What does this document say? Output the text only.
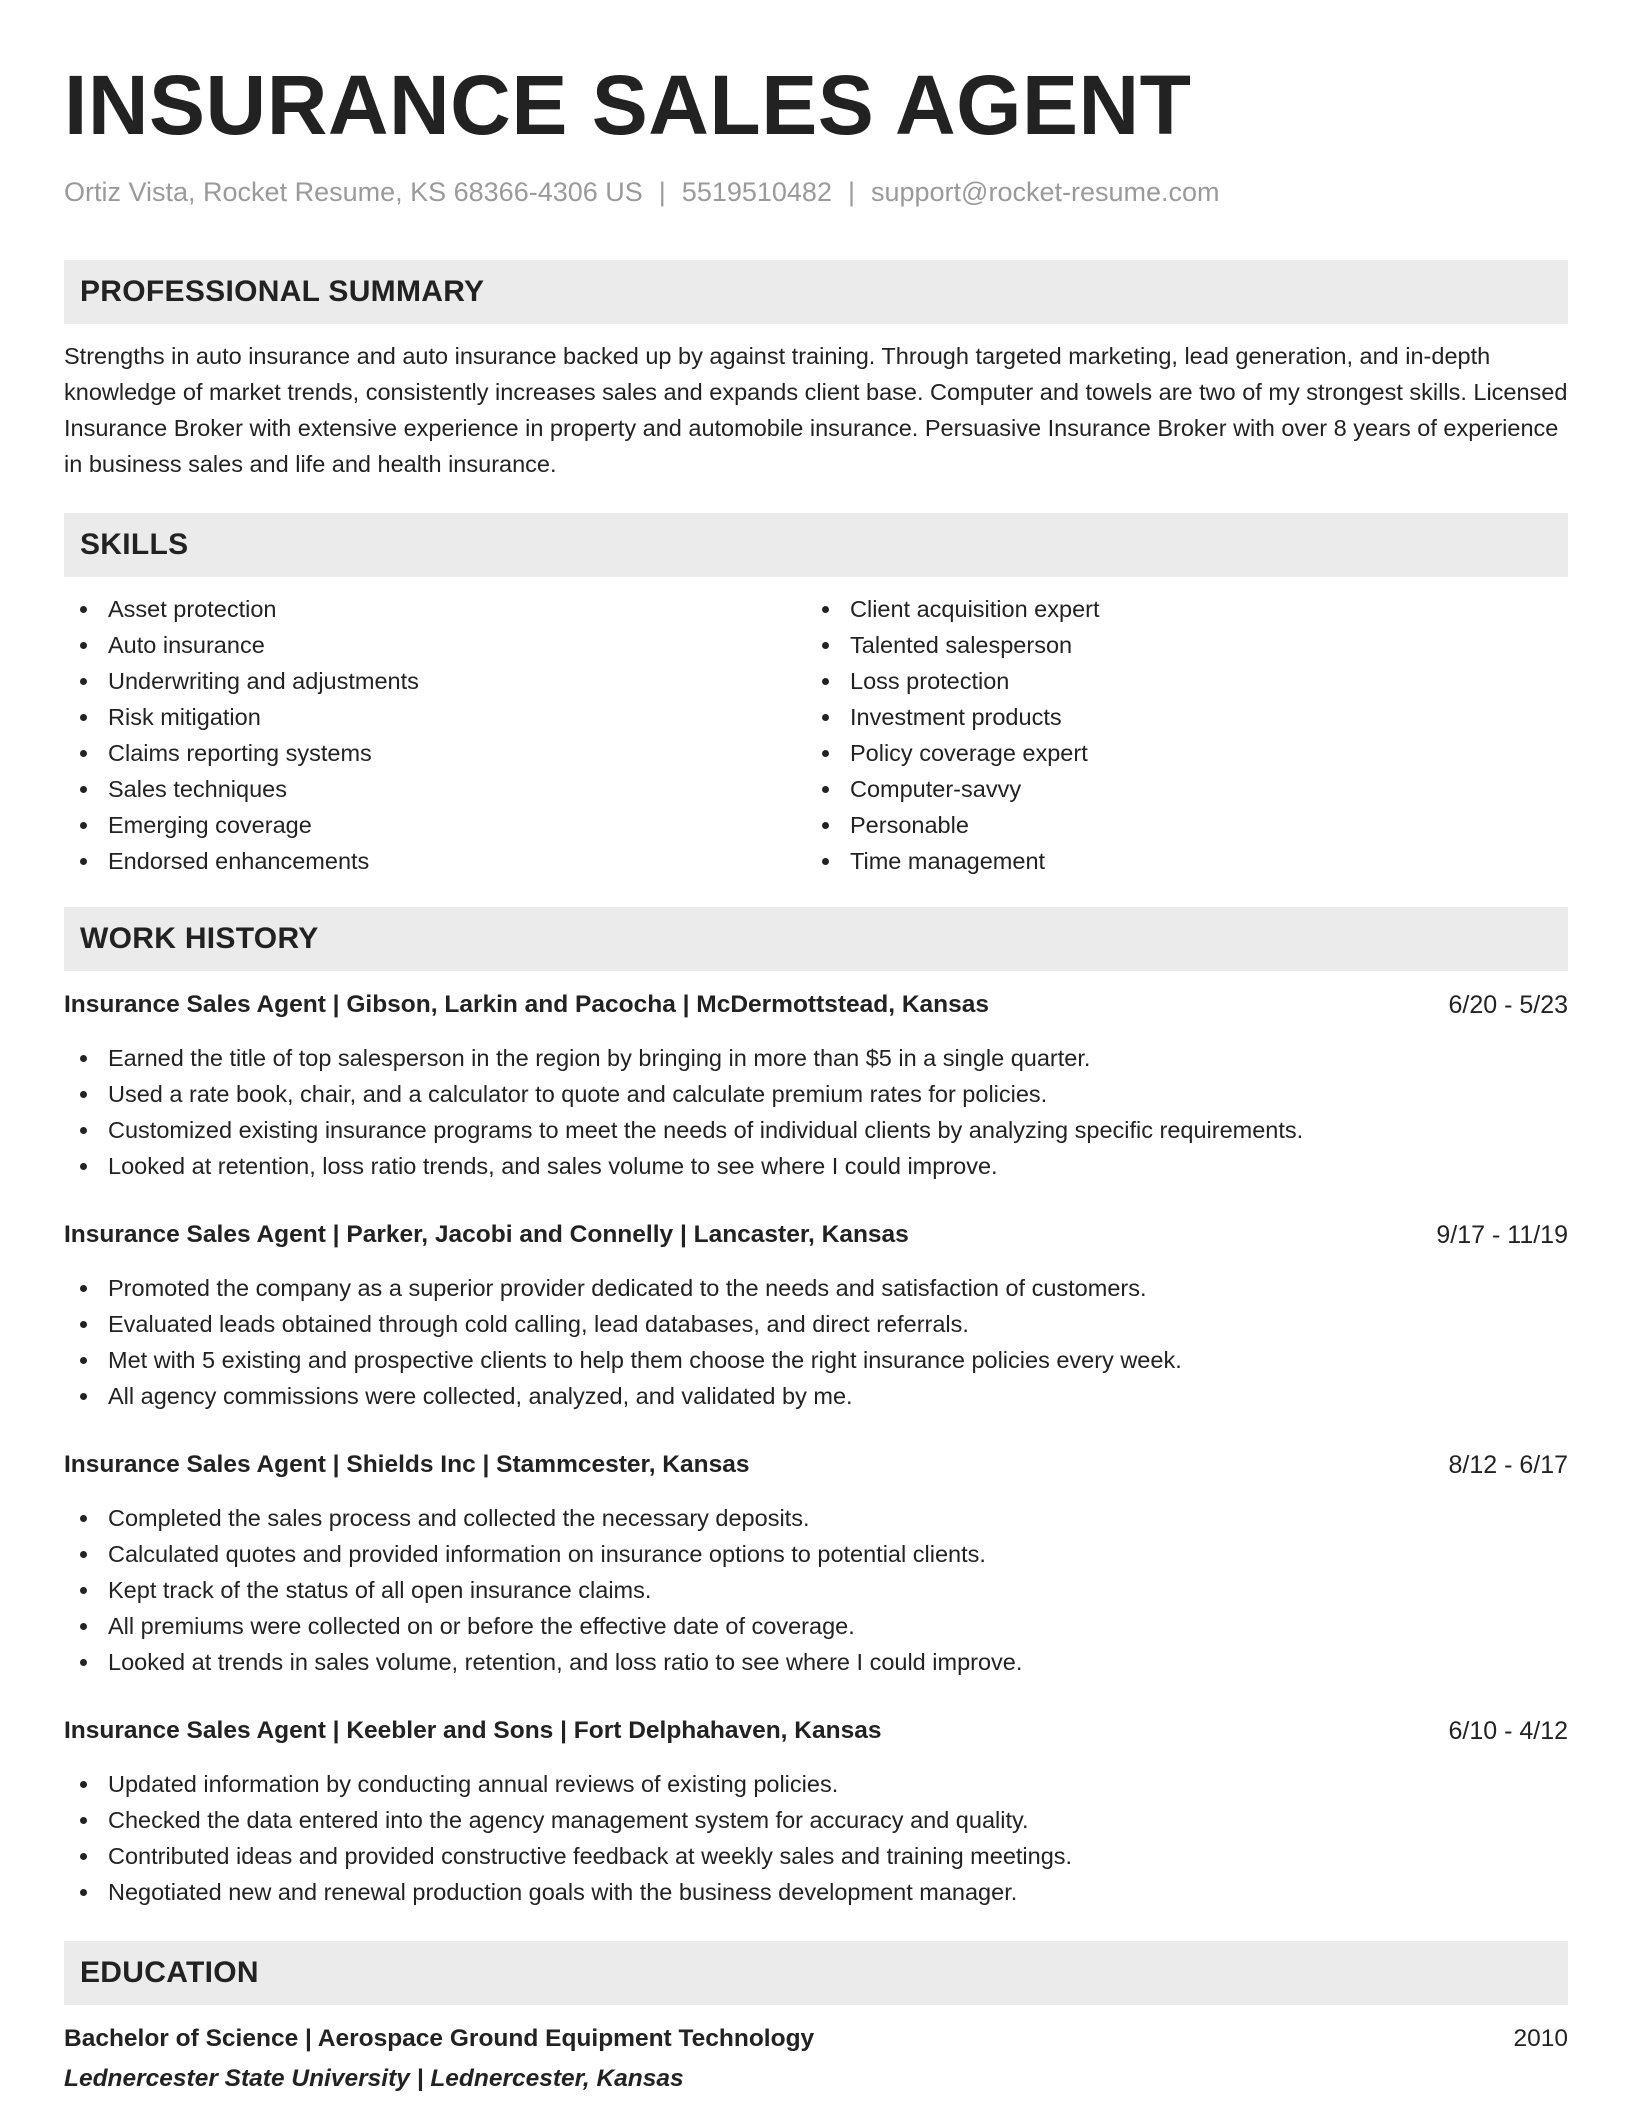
INSURANCE SALES AGENT
Ortiz Vista, Rocket Resume, KS 68366-4306 US | 5519510482 | support@rocket-resume.com
PROFESSIONAL SUMMARY

Strengths in auto insurance and auto insurance backed up by against training. Through targeted marketing, lead generation, and in-depth knowledge of market trends, consistently increases sales and expands client base. Computer and towels are two of my strongest skills. Licensed Insurance Broker with extensive experience in property and automobile insurance. Persuasive Insurance Broker with over 8 years of experience in business sales and life and health insurance.

SKILLS
Asset protection
Auto insurance
Underwriting and adjustments
Risk mitigation
Claims reporting systems
Sales techniques
Emerging coverage
Endorsed enhancements
Client acquisition expert
Talented salesperson
Loss protection
Investment products
Policy coverage expert
Computer-savvy
Personable
Time management
WORK HISTORY
Insurance Sales Agent | Gibson, Larkin and Pacocha | McDermottstead, Kansas	6/20 - 5/23
Earned the title of top salesperson in the region by bringing in more than $5 in a single quarter.
Used a rate book, chair, and a calculator to quote and calculate premium rates for policies.
Customized existing insurance programs to meet the needs of individual clients by analyzing specific requirements.
Looked at retention, loss ratio trends, and sales volume to see where I could improve.
Insurance Sales Agent | Parker, Jacobi and Connelly | Lancaster, Kansas	9/17 - 11/19
Promoted the company as a superior provider dedicated to the needs and satisfaction of customers.
Evaluated leads obtained through cold calling, lead databases, and direct referrals.
Met with 5 existing and prospective clients to help them choose the right insurance policies every week.
All agency commissions were collected, analyzed, and validated by me.
Insurance Sales Agent | Shields Inc | Stammcester, Kansas	8/12 - 6/17
Completed the sales process and collected the necessary deposits.
Calculated quotes and provided information on insurance options to potential clients.
Kept track of the status of all open insurance claims.
All premiums were collected on or before the effective date of coverage.
Looked at trends in sales volume, retention, and loss ratio to see where I could improve.
Insurance Sales Agent | Keebler and Sons | Fort Delphahaven, Kansas	6/10 - 4/12
Updated information by conducting annual reviews of existing policies.
Checked the data entered into the agency management system for accuracy and quality.
Contributed ideas and provided constructive feedback at weekly sales and training meetings.
Negotiated new and renewal production goals with the business development manager.
EDUCATION
Bachelor of Science | Aerospace Ground Equipment Technology	2010
Lednercester State University | Lednercester, Kansas
